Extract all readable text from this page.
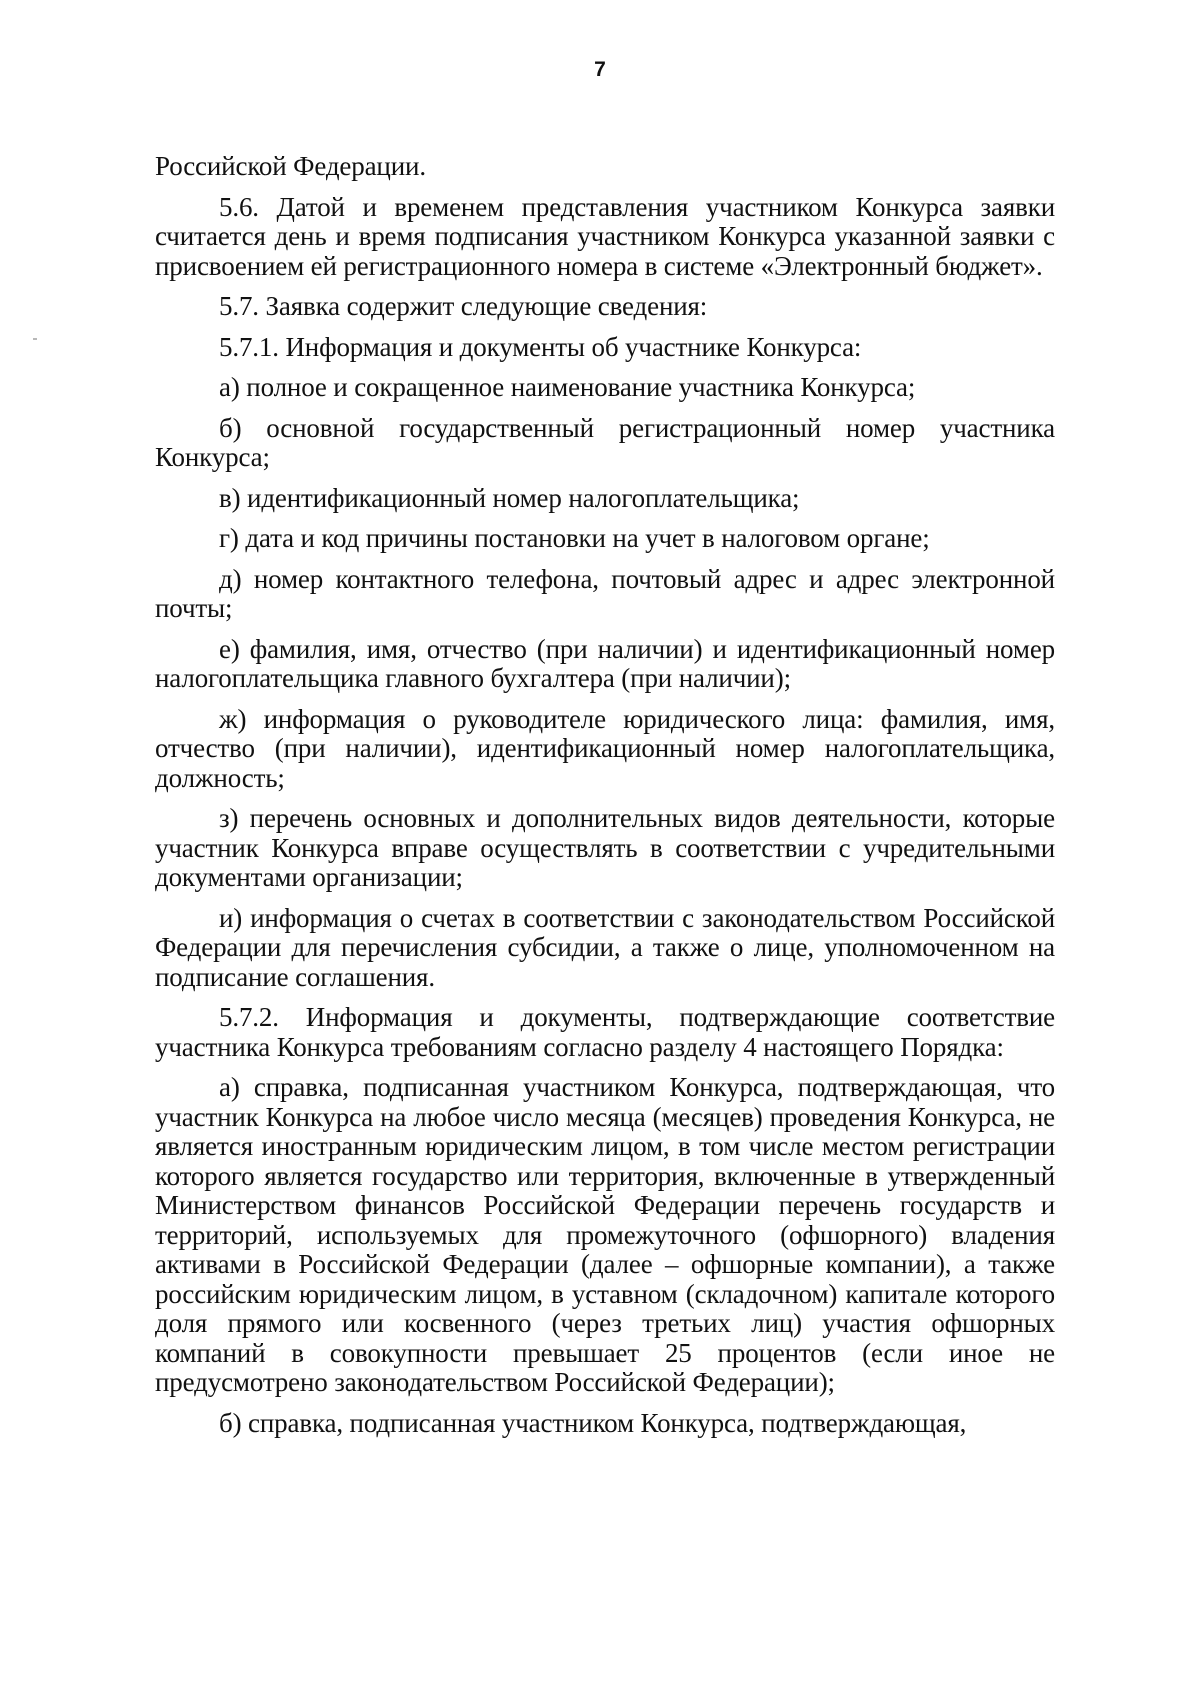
7

Российской Федерации.

5.6. Датой и временем представления участником Конкурса заявки считается день и время подписания участником Конкурса указанной заявки с присвоением ей регистрационного номера в системе «Электронный бюджет».

5.7. Заявка содержит следующие сведения:

5.7.1. Информация и документы об участнике Конкурса:

а) полное и сокращенное наименование участника Конкурса;

б) основной государственный регистрационный номер участника Конкурса;

в) идентификационный номер налогоплательщика;

г) дата и код причины постановки на учет в налоговом органе;

д) номер контактного телефона, почтовый адрес и адрес электронной почты;

е) фамилия, имя, отчество (при наличии) и идентификационный номер налогоплательщика главного бухгалтера (при наличии);

ж) информация о руководителе юридического лица: фамилия, имя, отчество (при наличии), идентификационный номер налогоплательщика, должность;

з) перечень основных и дополнительных видов деятельности, которые участник Конкурса вправе осуществлять в соответствии с учредительными документами организации;

и) информация о счетах в соответствии с законодательством Российской Федерации для перечисления субсидии, а также о лице, уполномоченном на подписание соглашения.

5.7.2. Информация и документы, подтверждающие соответствие участника Конкурса требованиям согласно разделу 4 настоящего Порядка:

а) справка, подписанная участником Конкурса, подтверждающая, что участник Конкурса на любое число месяца (месяцев) проведения Конкурса, не является иностранным юридическим лицом, в том числе местом регистрации которого является государство или территория, включенные в утвержденный Министерством финансов Российской Федерации перечень государств и территорий, используемых для промежуточного (офшорного) владения активами в Российской Федерации (далее – офшорные компании), а также российским юридическим лицом, в уставном (складочном) капитале которого доля прямого или косвенного (через третьих лиц) участия офшорных компаний в совокупности превышает 25 процентов (если иное не предусмотрено законодательством Российской Федерации);

б) справка, подписанная участником Конкурса, подтверждающая,
